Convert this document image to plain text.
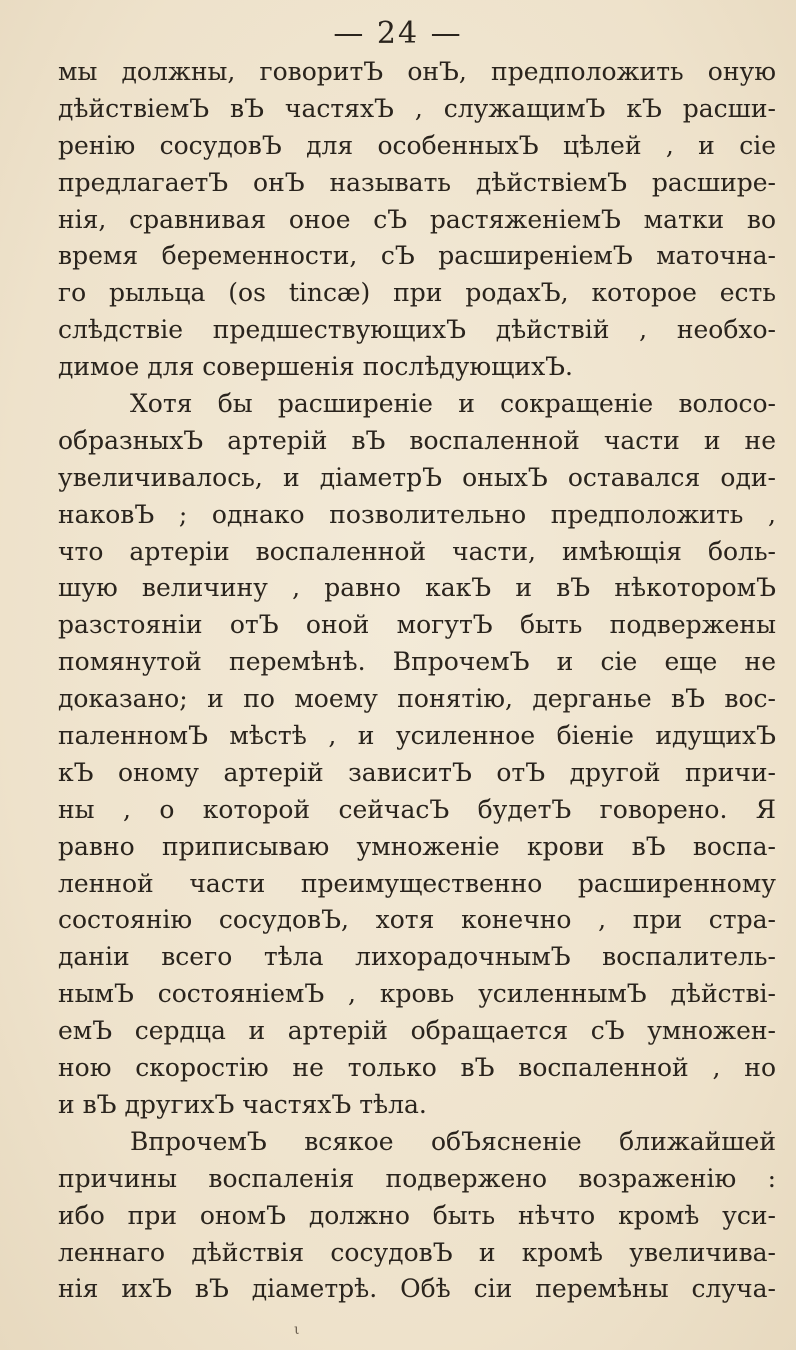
— 24 —
мы должны, говоритЪ онЪ, предположить оную
дѣйствіемЪ вЪ частяхЪ , служащимЪ кЪ расши-
ренію сосудовЪ для особенныхЪ цѣлей , и сіе
предлагаетЪ онЪ называть дѣйствіемЪ расшире-
нія, сравнивая оное сЪ растяженіемЪ матки во
время беременности, сЪ расширеніемЪ маточна-
го рыльца (os tincæ) при родахЪ, которое есть
слѣдствіе предшествующихЪ дѣйствій , необхо-
димое для совершенія послѣдующихЪ.
Хотя бы расширеніе и сокращеніе волосо-
образныхЪ артерій вЪ воспаленной части и не
увеличивалось, и діаметрЪ оныхЪ оставался оди-
наковЪ ; однако позволительно предположить ,
что артеріи воспаленной части, имѣющія боль-
шую величину , равно какЪ и вЪ нѣкоторомЪ
разстояніи отЪ оной могутЪ быть подвержены
помянутой перемѣнѣ. ВпрочемЪ и сіе еще не
доказано; и по моему понятію, дерганье вЪ вос-
паленномЪ мѣстѣ , и усиленное біеніе идущихЪ
кЪ оному артерій зависитЪ отЪ другой причи-
ны , о которой сейчасЪ будетЪ говорено. Я
равно приписываю умноженіе крови вЪ воспа-
ленной части преимущественно расширенному
состоянію сосудовЪ, хотя конечно , при стра-
даніи всего тѣла лихорадочнымЪ воспалитель-
нымЪ состояніемЪ , кровь усиленнымЪ дѣйствi-
емЪ сердца и артерій обращается сЪ умножен-
ною скоростію не только вЪ воспаленной , но
и вЪ другихЪ частяхЪ тѣла.
ВпрочемЪ всякое обЪясненіе ближайшей
причины воспаленія подвержено возраженію :
ибо при ономЪ должно быть нѣчто кромѣ уси-
леннаго дѣйствія сосудовЪ и кромѣ увеличива-
нія ихЪ вЪ діаметрѣ. Обѣ сіи перемѣны случа-
ι
